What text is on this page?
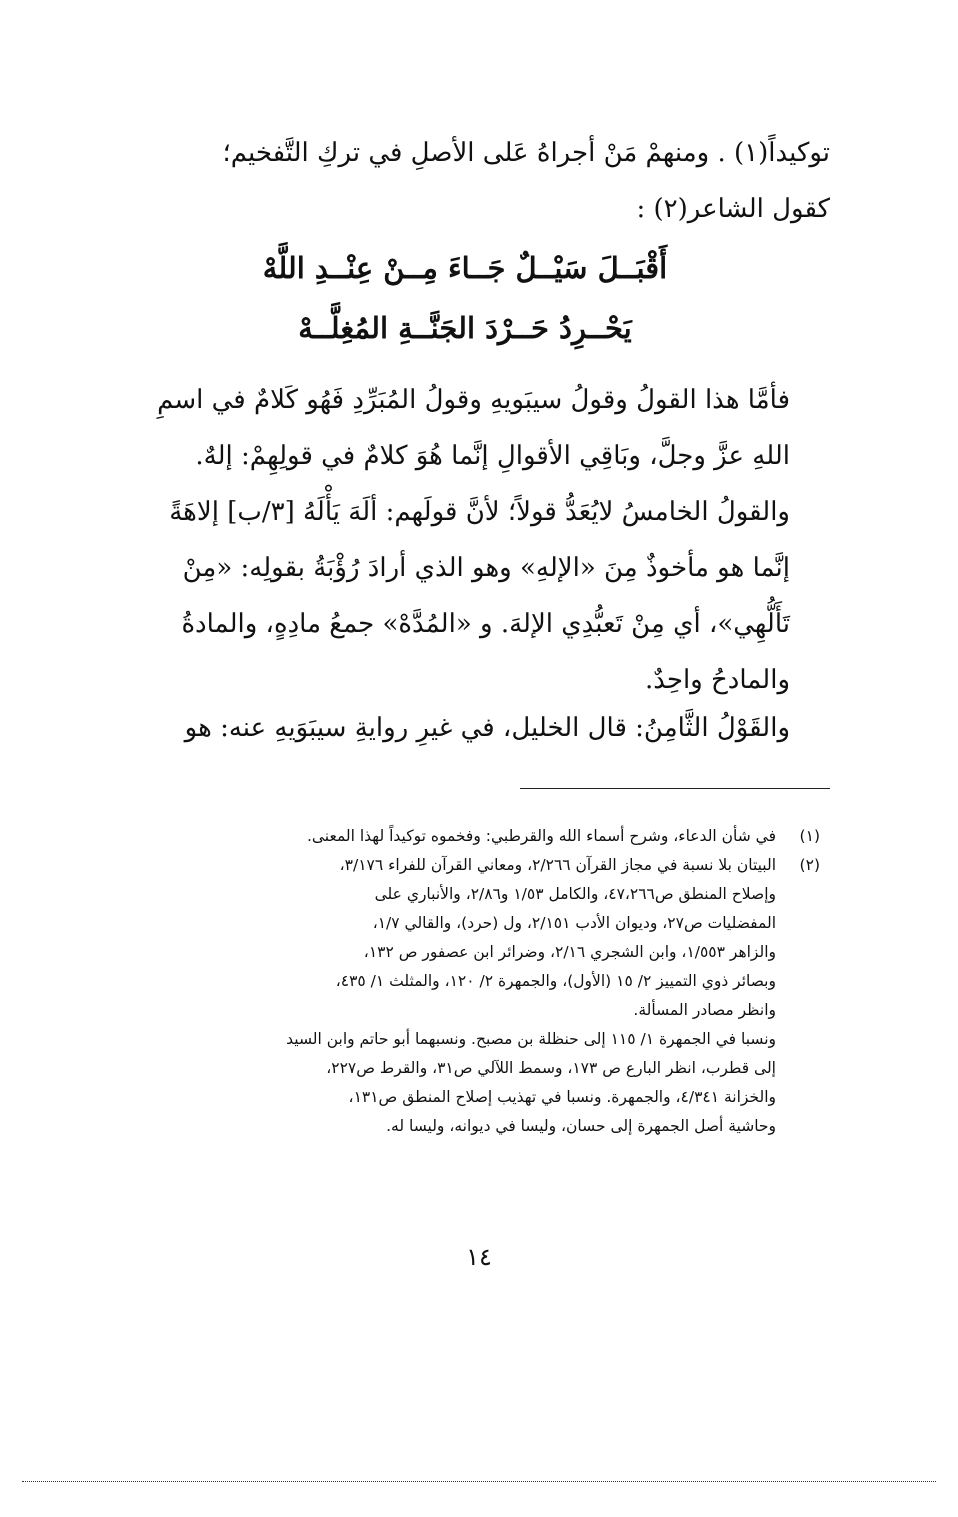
توكيداً(١) . ومنهمْ مَنْ أجراهُ عَلى الأصلِ في تركِ التَّفخيم؛
كقول الشاعر(٢) :
أَقْبَــلَ سَيْــلٌ جَــاءَ مِــنْ عِنْــدِ اللَّهْ
يَحْــرِدُ حَــرْدَ الجَنَّــةِ المُغِلَّــهْ
فأمَّا هذا القولُ وقولُ سيبَويهِ وقولُ المُبَرِّدِ فَهُو كَلامٌ في اسمِ
اللهِ عزَّ وجلَّ، وبَاقِي الأقوالِ إنَّما هُوَ كلامٌ في قولِهِمْ: إلهٌ.
والقولُ الخامسُ لايُعَدُّ قولاً؛ لأنَّ قولَهم: ألَهَ يَأْلَهُ [٣/ب] إلاهَةً
إنَّما هو مأخوذٌ مِنَ «الإلهِ» وهو الذي أرادَ رُؤْبَةُ بقولِه: «مِنْ
تَأَلُّهِي»، أي مِنْ تَعبُّدِي الإلهَ. و «المُدَّهْ» جمعُ مادِهٍ، والمادةُ
والمادحُ واحِدٌ.
والقَوْلُ الثَّامِنُ: قال الخليل، في غيرِ روايةِ سيبَوَيهِ عنه: هو
(١)
في شأن الدعاء، وشرح أسماء الله والقرطبي: وفخموه توكيداً لهذا المعنى.
(٢)
البيتان بلا نسبة في مجاز القرآن ٢/٢٦٦، ومعاني القرآن للفراء ٣/١٧٦،
وإصلاح المنطق ص٤٧،٢٦٦، والكامل ١/٥٣ و٢/٨٦، والأنباري على
المفضليات ص٢٧، وديوان الأدب ٢/١٥١، ول (حرد)، والقالي ١/٧،
والزاهر ١/٥٥٣، وابن الشجري ٢/١٦، وضرائر ابن عصفور ص ١٣٢،
وبصائر ذوي التمييز ٢/ ١٥ (الأول)، والجمهرة ٢/ ١٢٠، والمثلث ١/ ٤٣٥،
وانظر مصادر المسألة.
ونسبا في الجمهرة ١/ ١١٥ إلى حنظلة بن مصبح. ونسبهما أبو حاتم وابن السيد
إلى قطرب، انظر البارع ص ١٧٣، وسمط اللآلي ص٣١، والقرط ص٢٢٧،
والخزانة ٤/٣٤١، والجمهرة. ونسبا في تهذيب إصلاح المنطق ص١٣١،
وحاشية أصل الجمهرة إلى حسان، وليسا في ديوانه، وليسا له.
١٤
